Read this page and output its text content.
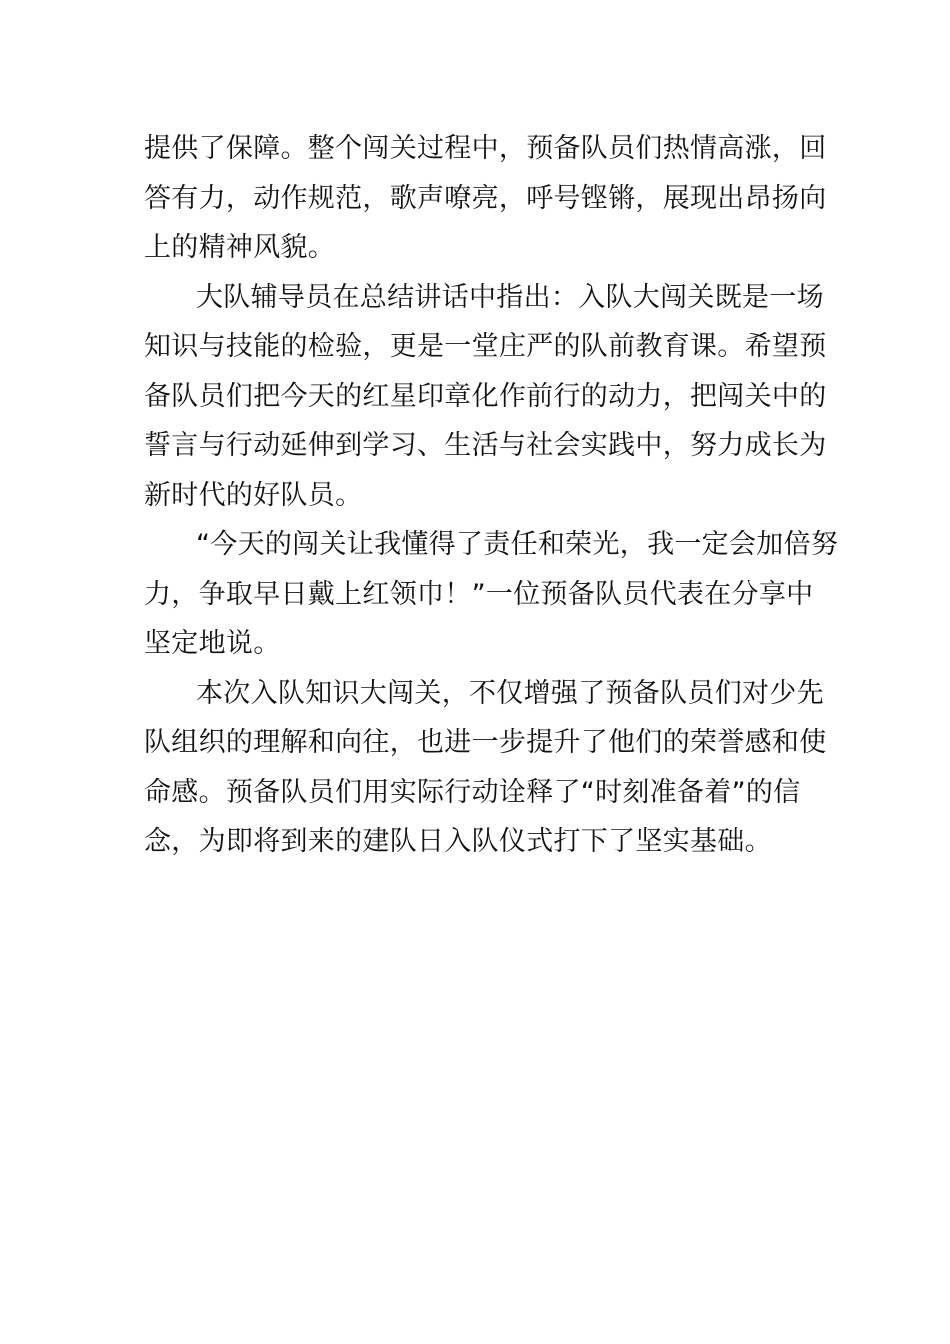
提供了保障。整个闯关过程中，预备队员们热情高涨，回
答有力，动作规范，歌声嘹亮，呼号铿锵，展现出昂扬向
上的精神风貌。

大队辅导员在总结讲话中指出：入队大闯关既是一场
知识与技能的检验，更是一堂庄严的队前教育课。希望预
备队员们把今天的红星印章化作前行的动力，把闯关中的
誓言与行动延伸到学习、生活与社会实践中，努力成长为
新时代的好队员。

“今天的闯关让我懂得了责任和荣光，我一定会加倍努
力，争取早日戴上红领巾！”一位预备队员代表在分享中
坚定地说。

本次入队知识大闯关，不仅增强了预备队员们对少先
队组织的理解和向往，也进一步提升了他们的荣誉感和使
命感。预备队员们用实际行动诠释了“时刻准备着”的信
念，为即将到来的建队日入队仪式打下了坚实基础。
